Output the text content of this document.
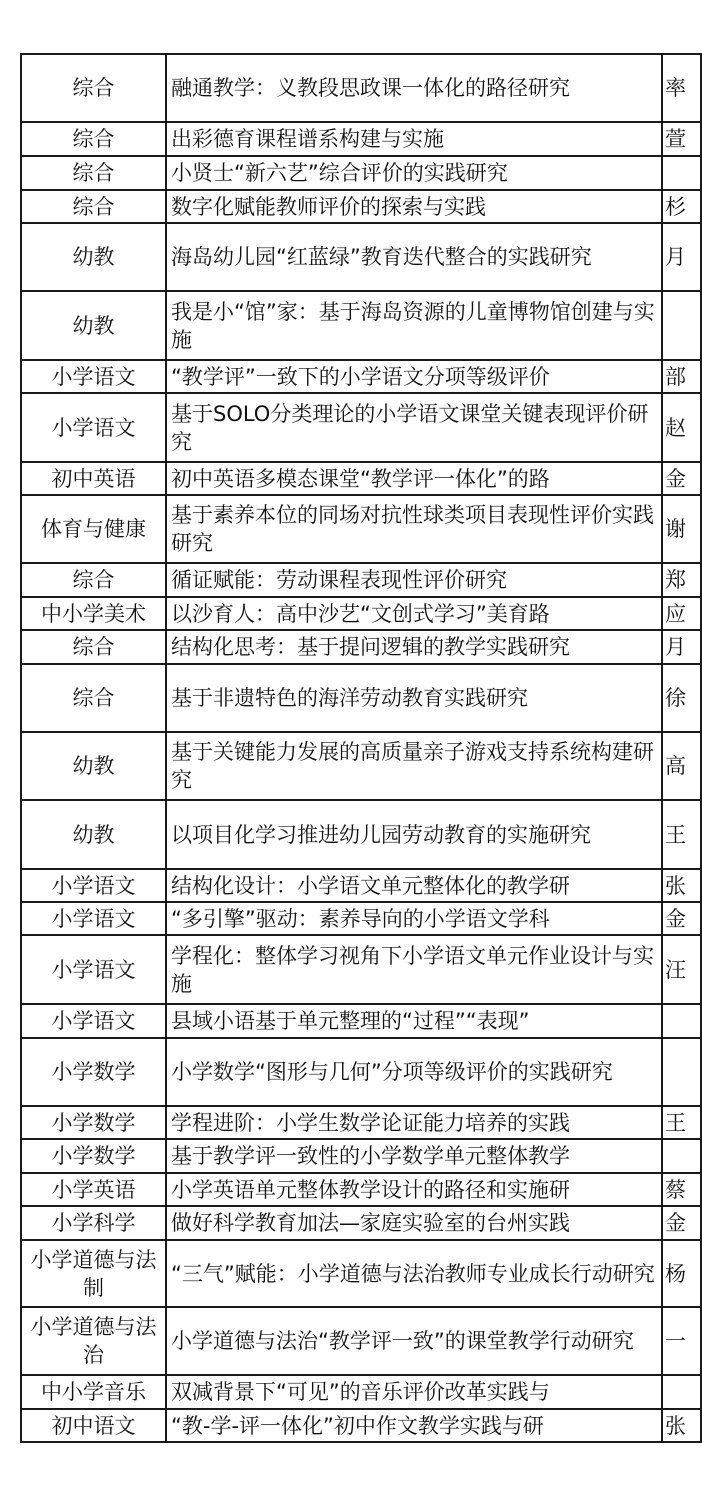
综合	融通教学：义教段思政课一体化的路径研究	率
综合	出彩德育课程谱系构建与实施	萱
综合	小贤士“新六艺”综合评价的实践研究	

综合	数字化赋能教师评价的探索与实践	杉
幼教	海岛幼儿园“红蓝绿”教育迭代整合的实践研究	月
幼教	我是小“馆”家：基于海岛资源的儿童博物馆创建与实施	

小学语文	“教学评”一致下的小学语文分项等级评价	部
小学语文	基于SOLO分类理论的小学语文课堂关键表现评价研究	赵
初中英语	初中英语多模态课堂“教学评一体化”的路	金
体育与健康	基于素养本位的同场对抗性球类项目表现性评价实践研究	谢
综合	循证赋能：劳动课程表现性评价研究	郑
中小学美术	以沙育人：高中沙艺“文创式学习”美育路	应
综合	结构化思考：基于提问逻辑的教学实践研究	月
综合	基于非遗特色的海洋劳动教育实践研究	徐
幼教	基于关键能力发展的高质量亲子游戏支持系统构建研究	高
幼教	以项目化学习推进幼儿园劳动教育的实施研究	王
小学语文	结构化设计：小学语文单元整体化的教学研	张
小学语文	“多引擎”驱动：素养导向的小学语文学科	金
小学语文	学程化：整体学习视角下小学语文单元作业设计与实施	汪
小学语文	县域小语基于单元整理的“过程”“表现”	

小学数学	小学数学“图形与几何”分项等级评价的实践研究	

小学数学	学程进阶：小学生数学论证能力培养的实践	王
小学数学	基于教学评一致性的小学数学单元整体教学	

小学英语	小学英语单元整体教学设计的路径和实施研	蔡
小学科学	做好科学教育加法—家庭实验室的台州实践	金
小学道德与法制	“三气”赋能：小学道德与法治教师专业成长行动研究	杨
小学道德与法治	小学道德与法治“教学评一致”的课堂教学行动研究	一
中小学音乐	双减背景下“可见”的音乐评价改革实践与	

初中语文	“教-学-评一体化”初中作文教学实践与研	张
